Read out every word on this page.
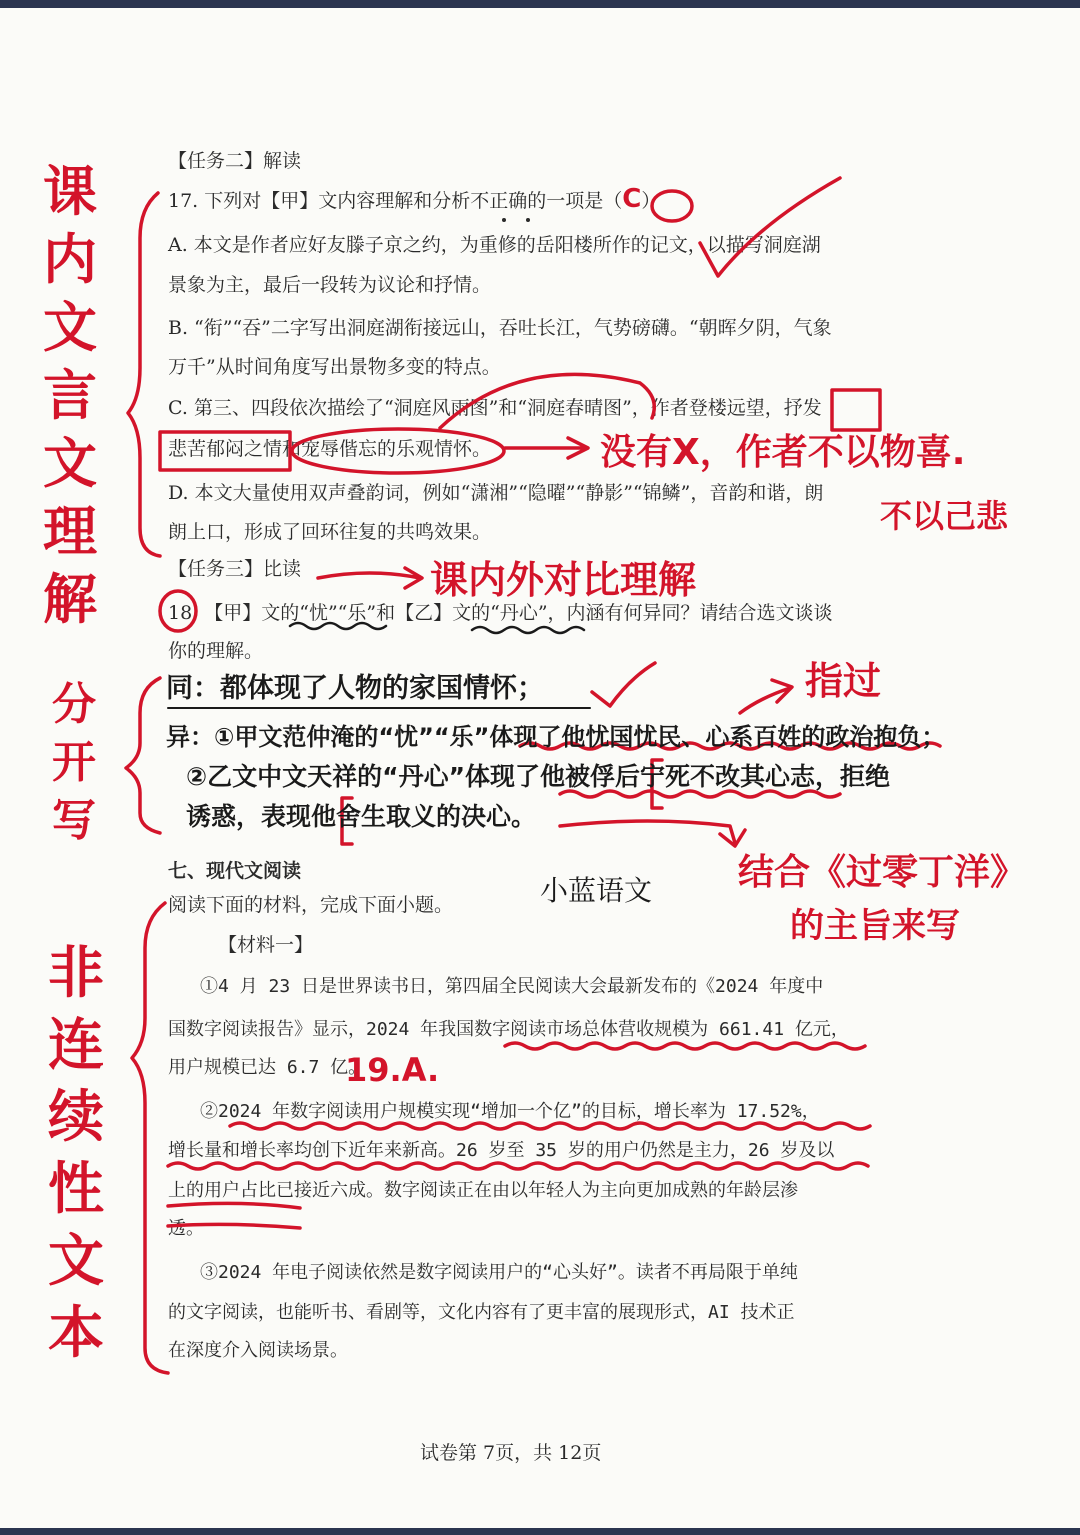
【任务二】解读
17. 下列对【甲】文内容理解和分析不正确的一项是（C）
A. 本文是作者应好友滕子京之约，为重修的岳阳楼所作的记文，以描写洞庭湖
景象为主，最后一段转为议论和抒情。
B. “衔”“吞”二字写出洞庭湖衔接远山，吞吐长江，气势磅礴。“朝晖夕阴，气象
万千”从时间角度写出景物多变的特点。
C. 第三、四段依次描绘了“洞庭风雨图”和“洞庭春晴图”，作者登楼远望，抒发
悲苦郁闷之情和宠辱偕忘的乐观情怀。
D. 本文大量使用双声叠韵词，例如“潇湘”“隐曜”“静影”“锦鳞”，音韵和谐，朗
朗上口，形成了回环往复的共鸣效果。
【任务三】比读
18. 【甲】文的“忧”“乐”和【乙】文的“丹心”，内涵有何异同？请结合选文谈谈
你的理解。
七、现代文阅读
阅读下面的材料，完成下面小题。
【材料一】
①4 月 23 日是世界读书日，第四届全民阅读大会最新发布的《2024 年度中
国数字阅读报告》显示，2024 年我国数字阅读市场总体营收规模为 661.41 亿元，
用户规模已达 6.7 亿。
②2024 年数字阅读用户规模实现“增加一个亿”的目标，增长率为 17.52%，
增长量和增长率均创下近年来新高。26 岁至 35 岁的用户仍然是主力，26 岁及以
上的用户占比已接近六成。数字阅读正在由以年轻人为主向更加成熟的年龄层渗
透。
③2024 年电子阅读依然是数字阅读用户的“心头好”。读者不再局限于单纯
的文字阅读，也能听书、看剧等，文化内容有了更丰富的展现形式，AI 技术正
在深度介入阅读场景。
试卷第 7页，共 12页
课内文言文理解
分开写
非连续性文本
没有X，作者不以物喜.
不以己悲
课内外对比理解
同：都体现了人物的家国情怀；
异：①甲文范仲淹的“忧”“乐”体现了他忧国忧民、心系百姓的政治抱负；
②乙文中文天祥的“丹心”体现了他被俘后宁死不改其心志，拒绝
诱惑，表现他舍生取义的决心。
指过
结合《过零丁洋》
的主旨来写
19.A.
小蓝语文
